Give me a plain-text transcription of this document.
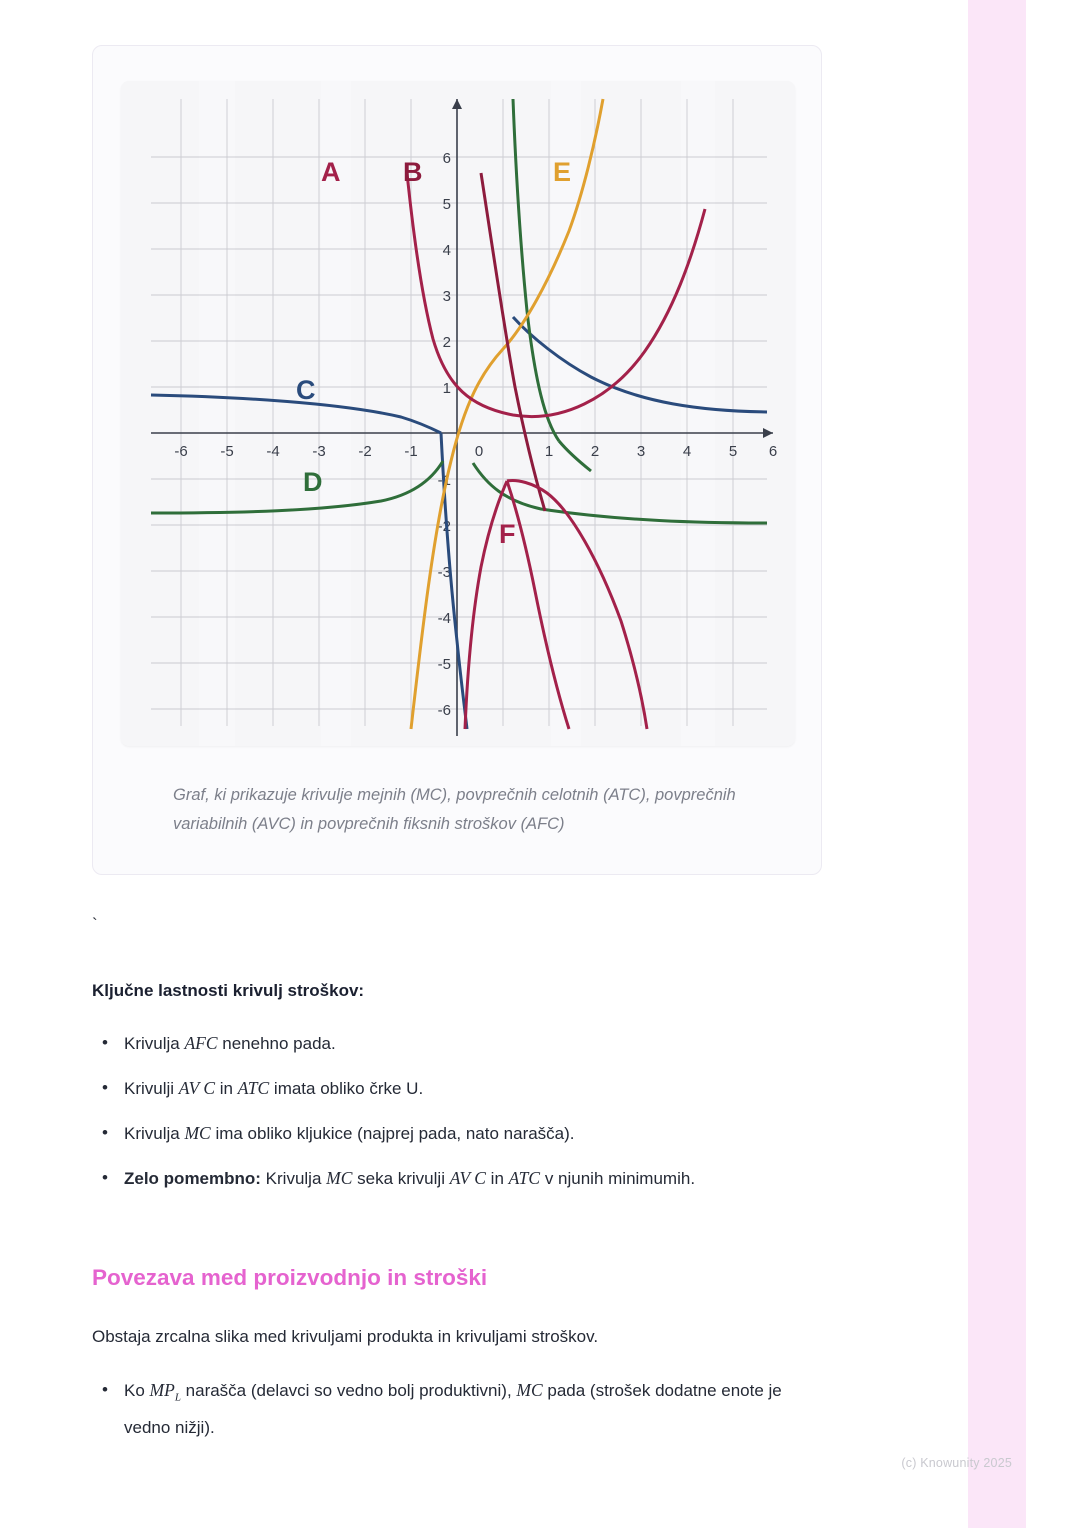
-6 -5 -4 -3 -2 -1	0	1	2	3	4	5 6
6
5
4
3
2
1
-1
-2
-3
-4
-5
-6
A B
C
D
E
F
Graf, ki prikazuje krivulje mejnih (MC), povprečnih celotnih (ATC), povprečnih variabilnih (AVC) in povprečnih fiksnih stroškov (AFC)
`
Ključne lastnosti krivulj stroškov:
• Krivulja AFC nenehno pada.
• Krivulji AV C in ATC imata obliko črke U.
• Krivulja MC ima obliko kljukice (najprej pada, nato narašča).
• Zelo pomembno: Krivulja MC seka krivulji AV C in ATC v njunih minimumih.
Povezava med proizvodnjo in stroški
Obstaja zrcalna slika med krivuljami produkta in krivuljami stroškov.
• Ko $MP_L$ narašča (delavci so vedno bolj produktivni), MC pada (strošek dodatne enote je vedno nižji).
(c) Knowunity 2025
